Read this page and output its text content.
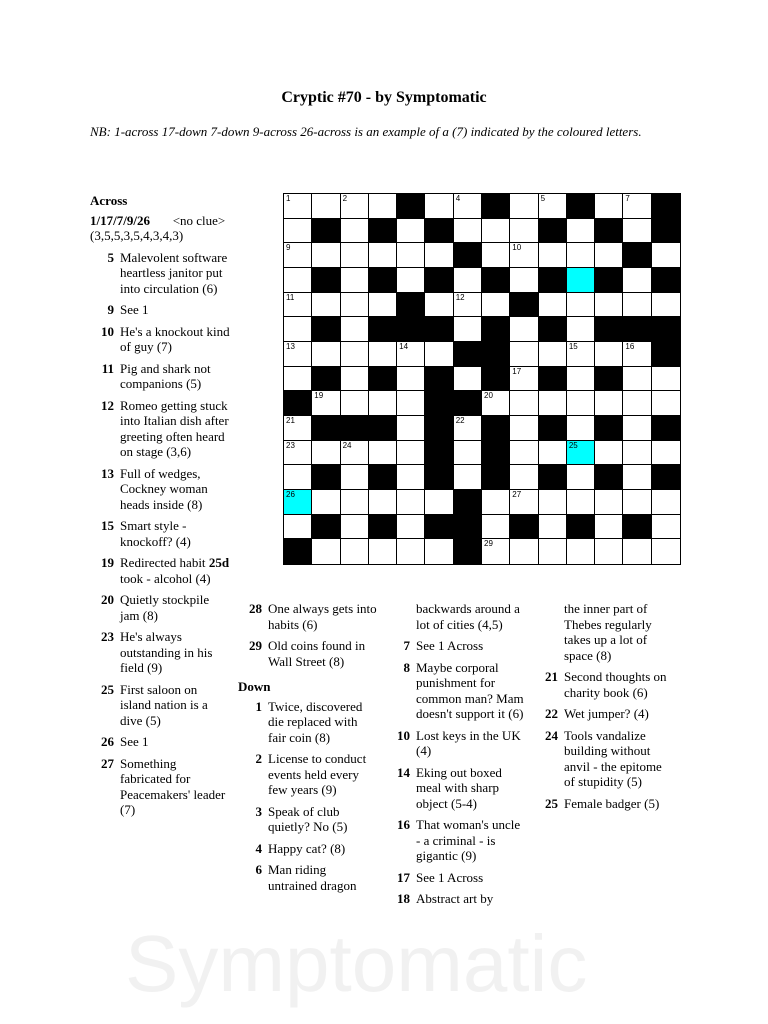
Symptomatic
Cryptic #70 - by Symptomatic
NB: 1-across 17-down 7-down 9-across 26-across is an example of a (7) indicated by the coloured letters.
1	2	3	4	5	6	7
9	10
11	12
13	14	15	16
17
19	20
21	22
23	24	25
26	27
28	29
Across
1/17/7/9/26 <no clue> (3,5,5,3,5,4,3,4,3)
5 Malevolent software heartless janitor put into circulation (6)
9 See 1
10 He's a knockout kind of guy (7)
11 Pig and shark not companions (5)
12 Romeo getting stuck into Italian dish after greeting often heard on stage (3,6)
13 Full of wedges, Cockney woman heads inside (8)
15 Smart style - knockoff? (4)
19 Redirected habit 25d took - alcohol (4)
20 Quietly stockpile jam (8)
23 He's always outstanding in his field (9)
25 First saloon on island nation is a dive (5)
26 See 1
27 Something fabricated for Peacemakers' leader (7)
28 One always gets into habits (6)
29 Old coins found in Wall Street (8)
Down
1 Twice, discovered die replaced with fair coin (8)
2 License to conduct events held every few years (9)
3 Speak of club quietly? No (5)
4 Happy cat? (8)
6 Man riding untrained dragon
backwards around a lot of cities (4,5)
7 See 1 Across
8 Maybe corporal punishment for common man? Mam doesn't support it (6)
10 Lost keys in the UK (4)
14 Eking out boxed meal with sharp object (5-4)
16 That woman's uncle - a criminal - is gigantic (9)
17 See 1 Across
18 Abstract art by
the inner part of Thebes regularly takes up a lot of space (8)
21 Second thoughts on charity book (6)
22 Wet jumper? (4)
24 Tools vandalize building without anvil - the epitome of stupidity (5)
25 Female badger (5)
